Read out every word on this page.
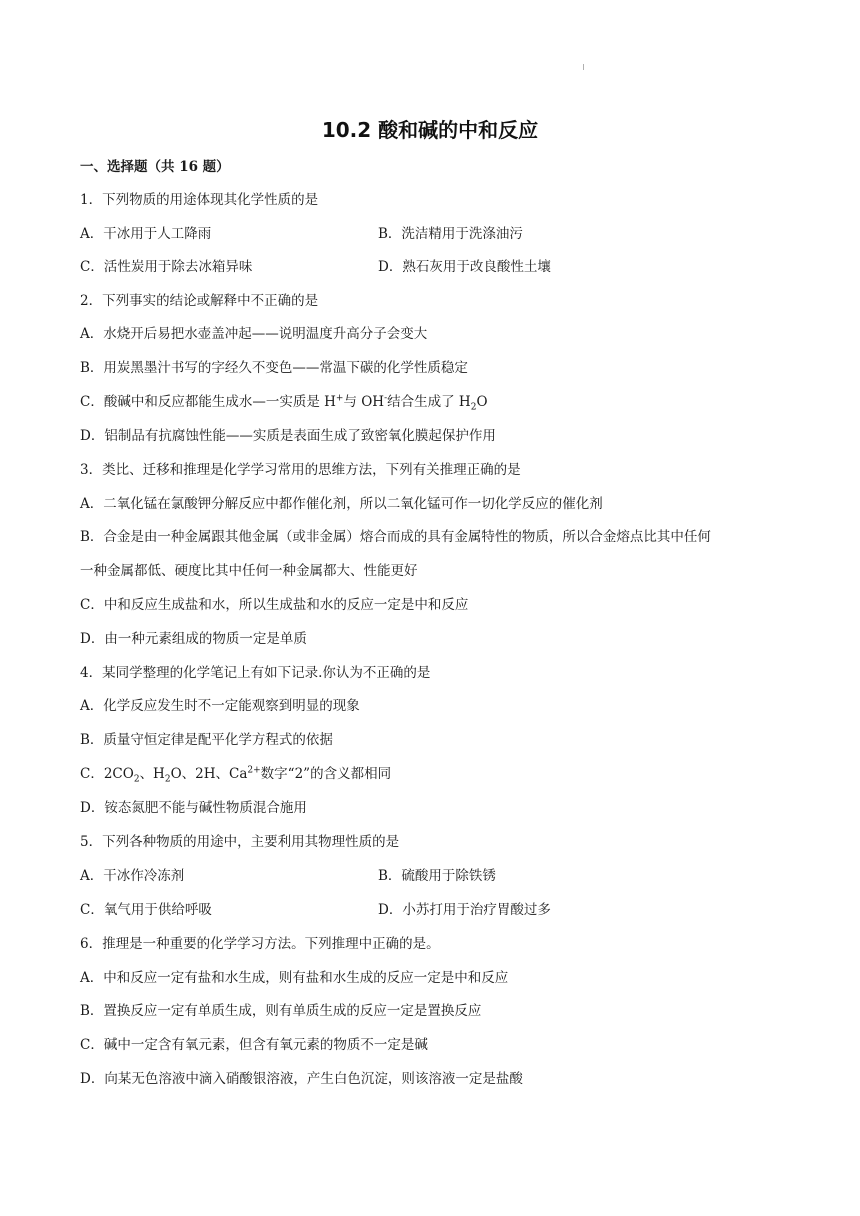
10.2 酸和碱的中和反应
一、选择题（共 16 题）
1．下列物质的用途体现其化学性质的是
A．干冰用于人工降雨	B．洗洁精用于洗涤油污
C．活性炭用于除去冰箱异味	D．熟石灰用于改良酸性土壤
2．下列事实的结论或解释中不正确的是
A．水烧开后易把水壶盖冲起——说明温度升高分子会变大
B．用炭黑墨汁书写的字经久不变色——常温下碳的化学性质稳定
C．酸碱中和反应都能生成水—一实质是 H+与 OH-结合生成了 $H_2O$
D．铝制品有抗腐蚀性能——实质是表面生成了致密氧化膜起保护作用
3．类比、迁移和推理是化学学习常用的思维方法，下列有关推理正确的是
A．二氧化锰在氯酸钾分解反应中都作催化剂，所以二氧化锰可作一切化学反应的催化剂
B．合金是由一种金属跟其他金属（或非金属）熔合而成的具有金属特性的物质，所以合金熔点比其中任何
一种金属都低、硬度比其中任何一种金属都大、性能更好
C．中和反应生成盐和水，所以生成盐和水的反应一定是中和反应
D．由一种元素组成的物质一定是单质
4．某同学整理的化学笔记上有如下记录.你认为不正确的是
A．化学反应发生时不一定能观察到明显的现象
B．质量守恒定律是配平化学方程式的依据
C．$2CO_2$、$H_2O$、2H、$Ca^{2+}$数字“2”的含义都相同
D．铵态氮肥不能与碱性物质混合施用
5．下列各种物质的用途中，主要利用其物理性质的是
A．干冰作冷冻剂	B．硫酸用于除铁锈
C．氧气用于供给呼吸	D．小苏打用于治疗胃酸过多
6．推理是一种重要的化学学习方法。下列推理中正确的是。
A．中和反应一定有盐和水生成，则有盐和水生成的反应一定是中和反应
B．置换反应一定有单质生成，则有单质生成的反应一定是置换反应
C．碱中一定含有氧元素，但含有氧元素的物质不一定是碱
D．向某无色溶液中滴入硝酸银溶液，产生白色沉淀，则该溶液一定是盐酸
